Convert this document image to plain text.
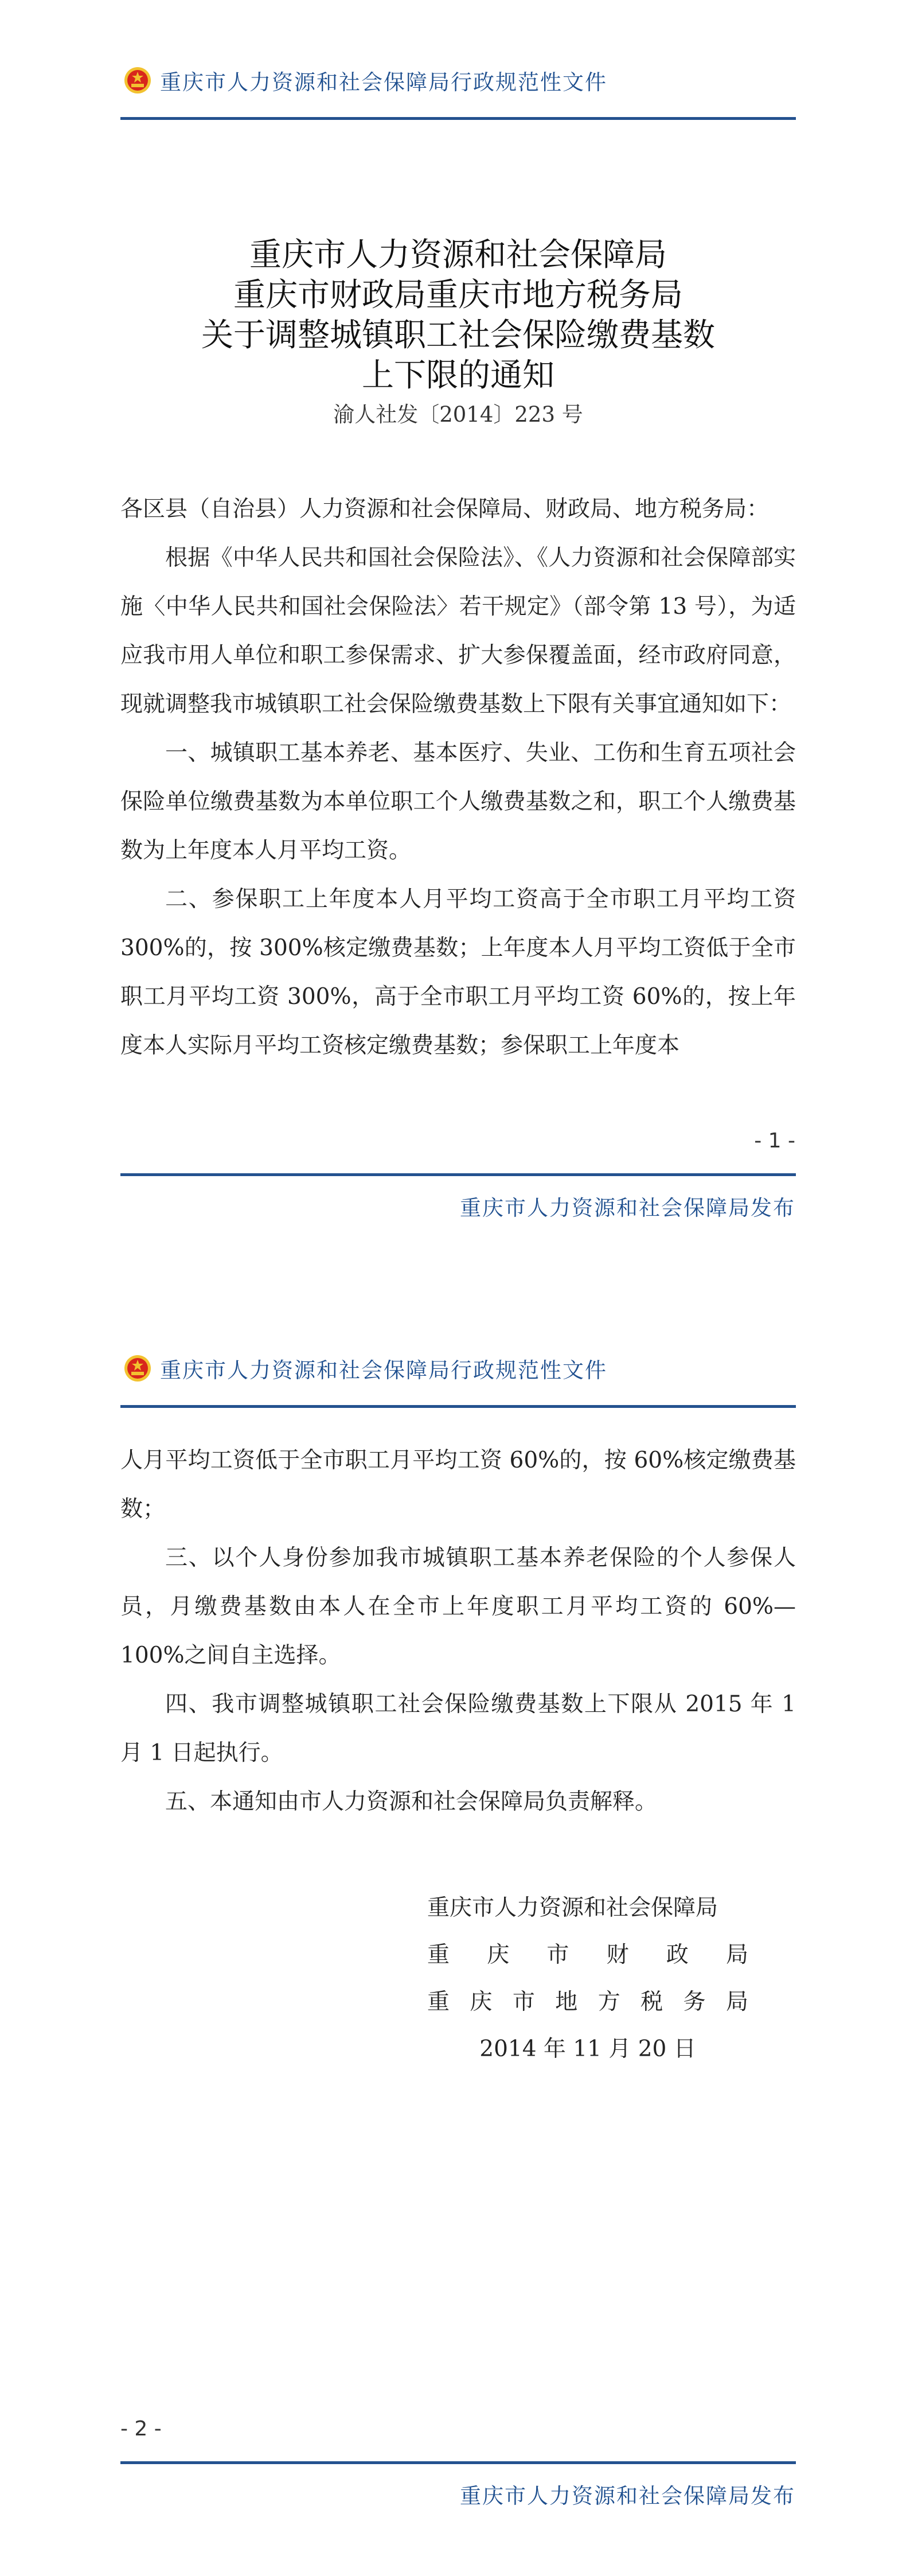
重庆市人力资源和社会保障局行政规范性文件
重庆市人力资源和社会保障局
重庆市财政局重庆市地方税务局
关于调整城镇职工社会保险缴费基数
上下限的通知
渝人社发〔2014〕223 号

各区县（自治县）人力资源和社会保障局、财政局、地方税务局：

根据《中华人民共和国社会保险法》、《人力资源和社会保障部实施〈中华人民共和国社会保险法〉若干规定》（部令第 13 号），为适应我市用人单位和职工参保需求、扩大参保覆盖面，经市政府同意，现就调整我市城镇职工社会保险缴费基数上下限有关事宜通知如下：

一、城镇职工基本养老、基本医疗、失业、工伤和生育五项社会保险单位缴费基数为本单位职工个人缴费基数之和，职工个人缴费基数为上年度本人月平均工资。

二、参保职工上年度本人月平均工资高于全市职工月平均工资 300%的，按 300%核定缴费基数；上年度本人月平均工资低于全市职工月平均工资 300%，高于全市职工月平均工资 60%的，按上年度本人实际月平均工资核定缴费基数；参保职工上年度本

- 1 -
重庆市人力资源和社会保障局发布
重庆市人力资源和社会保障局行政规范性文件

人月平均工资低于全市职工月平均工资 60%的，按 60%核定缴费基数；

三、以个人身份参加我市城镇职工基本养老保险的个人参保人员，月缴费基数由本人在全市上年度职工月平均工资的 60%—100%之间自主选择。

四、我市调整城镇职工社会保险缴费基数上下限从 2015 年 1 月 1 日起执行。

五、本通知由市人力资源和社会保障局负责解释。

重庆市人力资源和社会保障局
重 庆 市 财 政 局
重 庆 市 地 方 税 务 局
2014 年 11 月 20 日
- 2 -
重庆市人力资源和社会保障局发布
